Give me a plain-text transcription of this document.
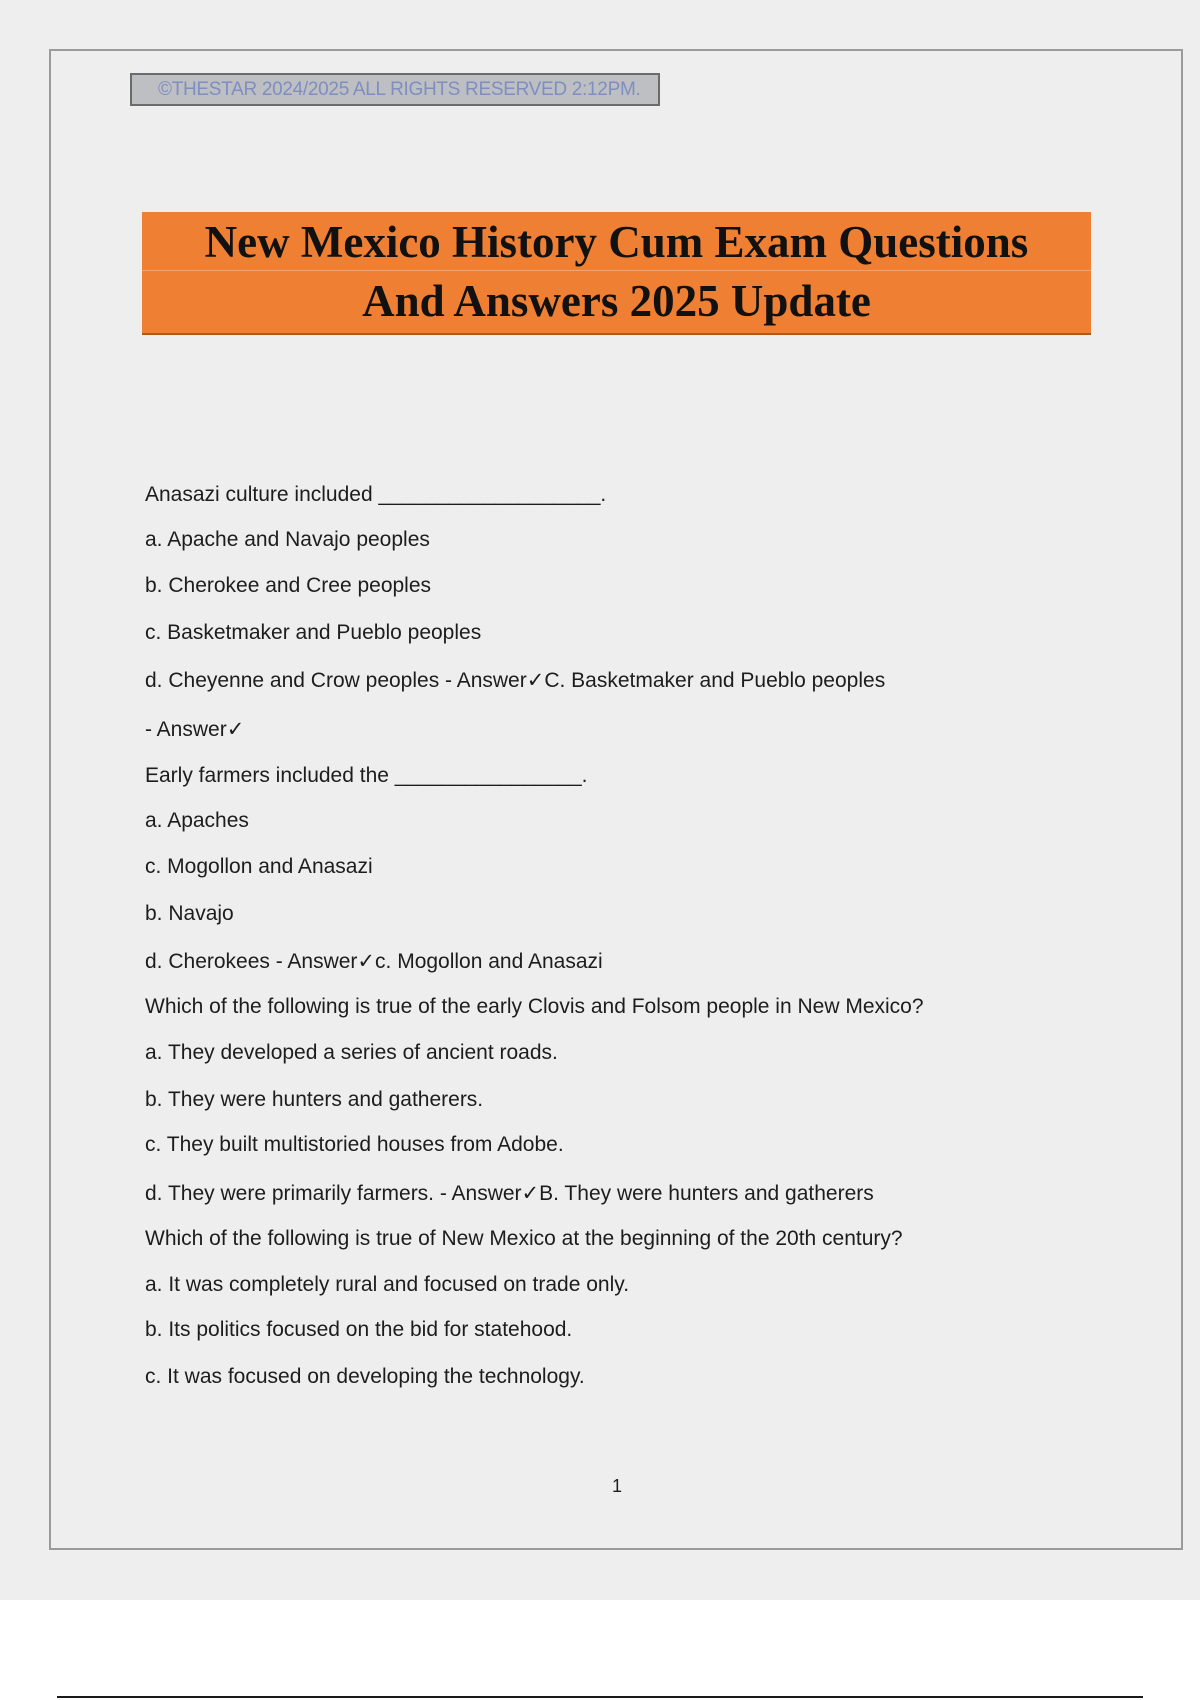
©THESTAR 2024/2025 ALL RIGHTS RESERVED 2:12PM.
New Mexico History Cum Exam Questions
And Answers 2025 Update
Anasazi culture included ___________________.
a. Apache and Navajo peoples
b. Cherokee and Cree peoples
c. Basketmaker and Pueblo peoples
d. Cheyenne and Crow peoples - Answer✓C. Basketmaker and Pueblo peoples
- Answer✓
Early farmers included the ________________.
a. Apaches
c. Mogollon and Anasazi
b. Navajo
d. Cherokees - Answer✓c. Mogollon and Anasazi
Which of the following is true of the early Clovis and Folsom people in New Mexico?
a. They developed a series of ancient roads.
b. They were hunters and gatherers.
c. They built multistoried houses from Adobe.
d. They were primarily farmers. - Answer✓B. They were hunters and gatherers
Which of the following is true of New Mexico at the beginning of the 20th century?
a. It was completely rural and focused on trade only.
b. Its politics focused on the bid for statehood.
c. It was focused on developing the technology.
1
